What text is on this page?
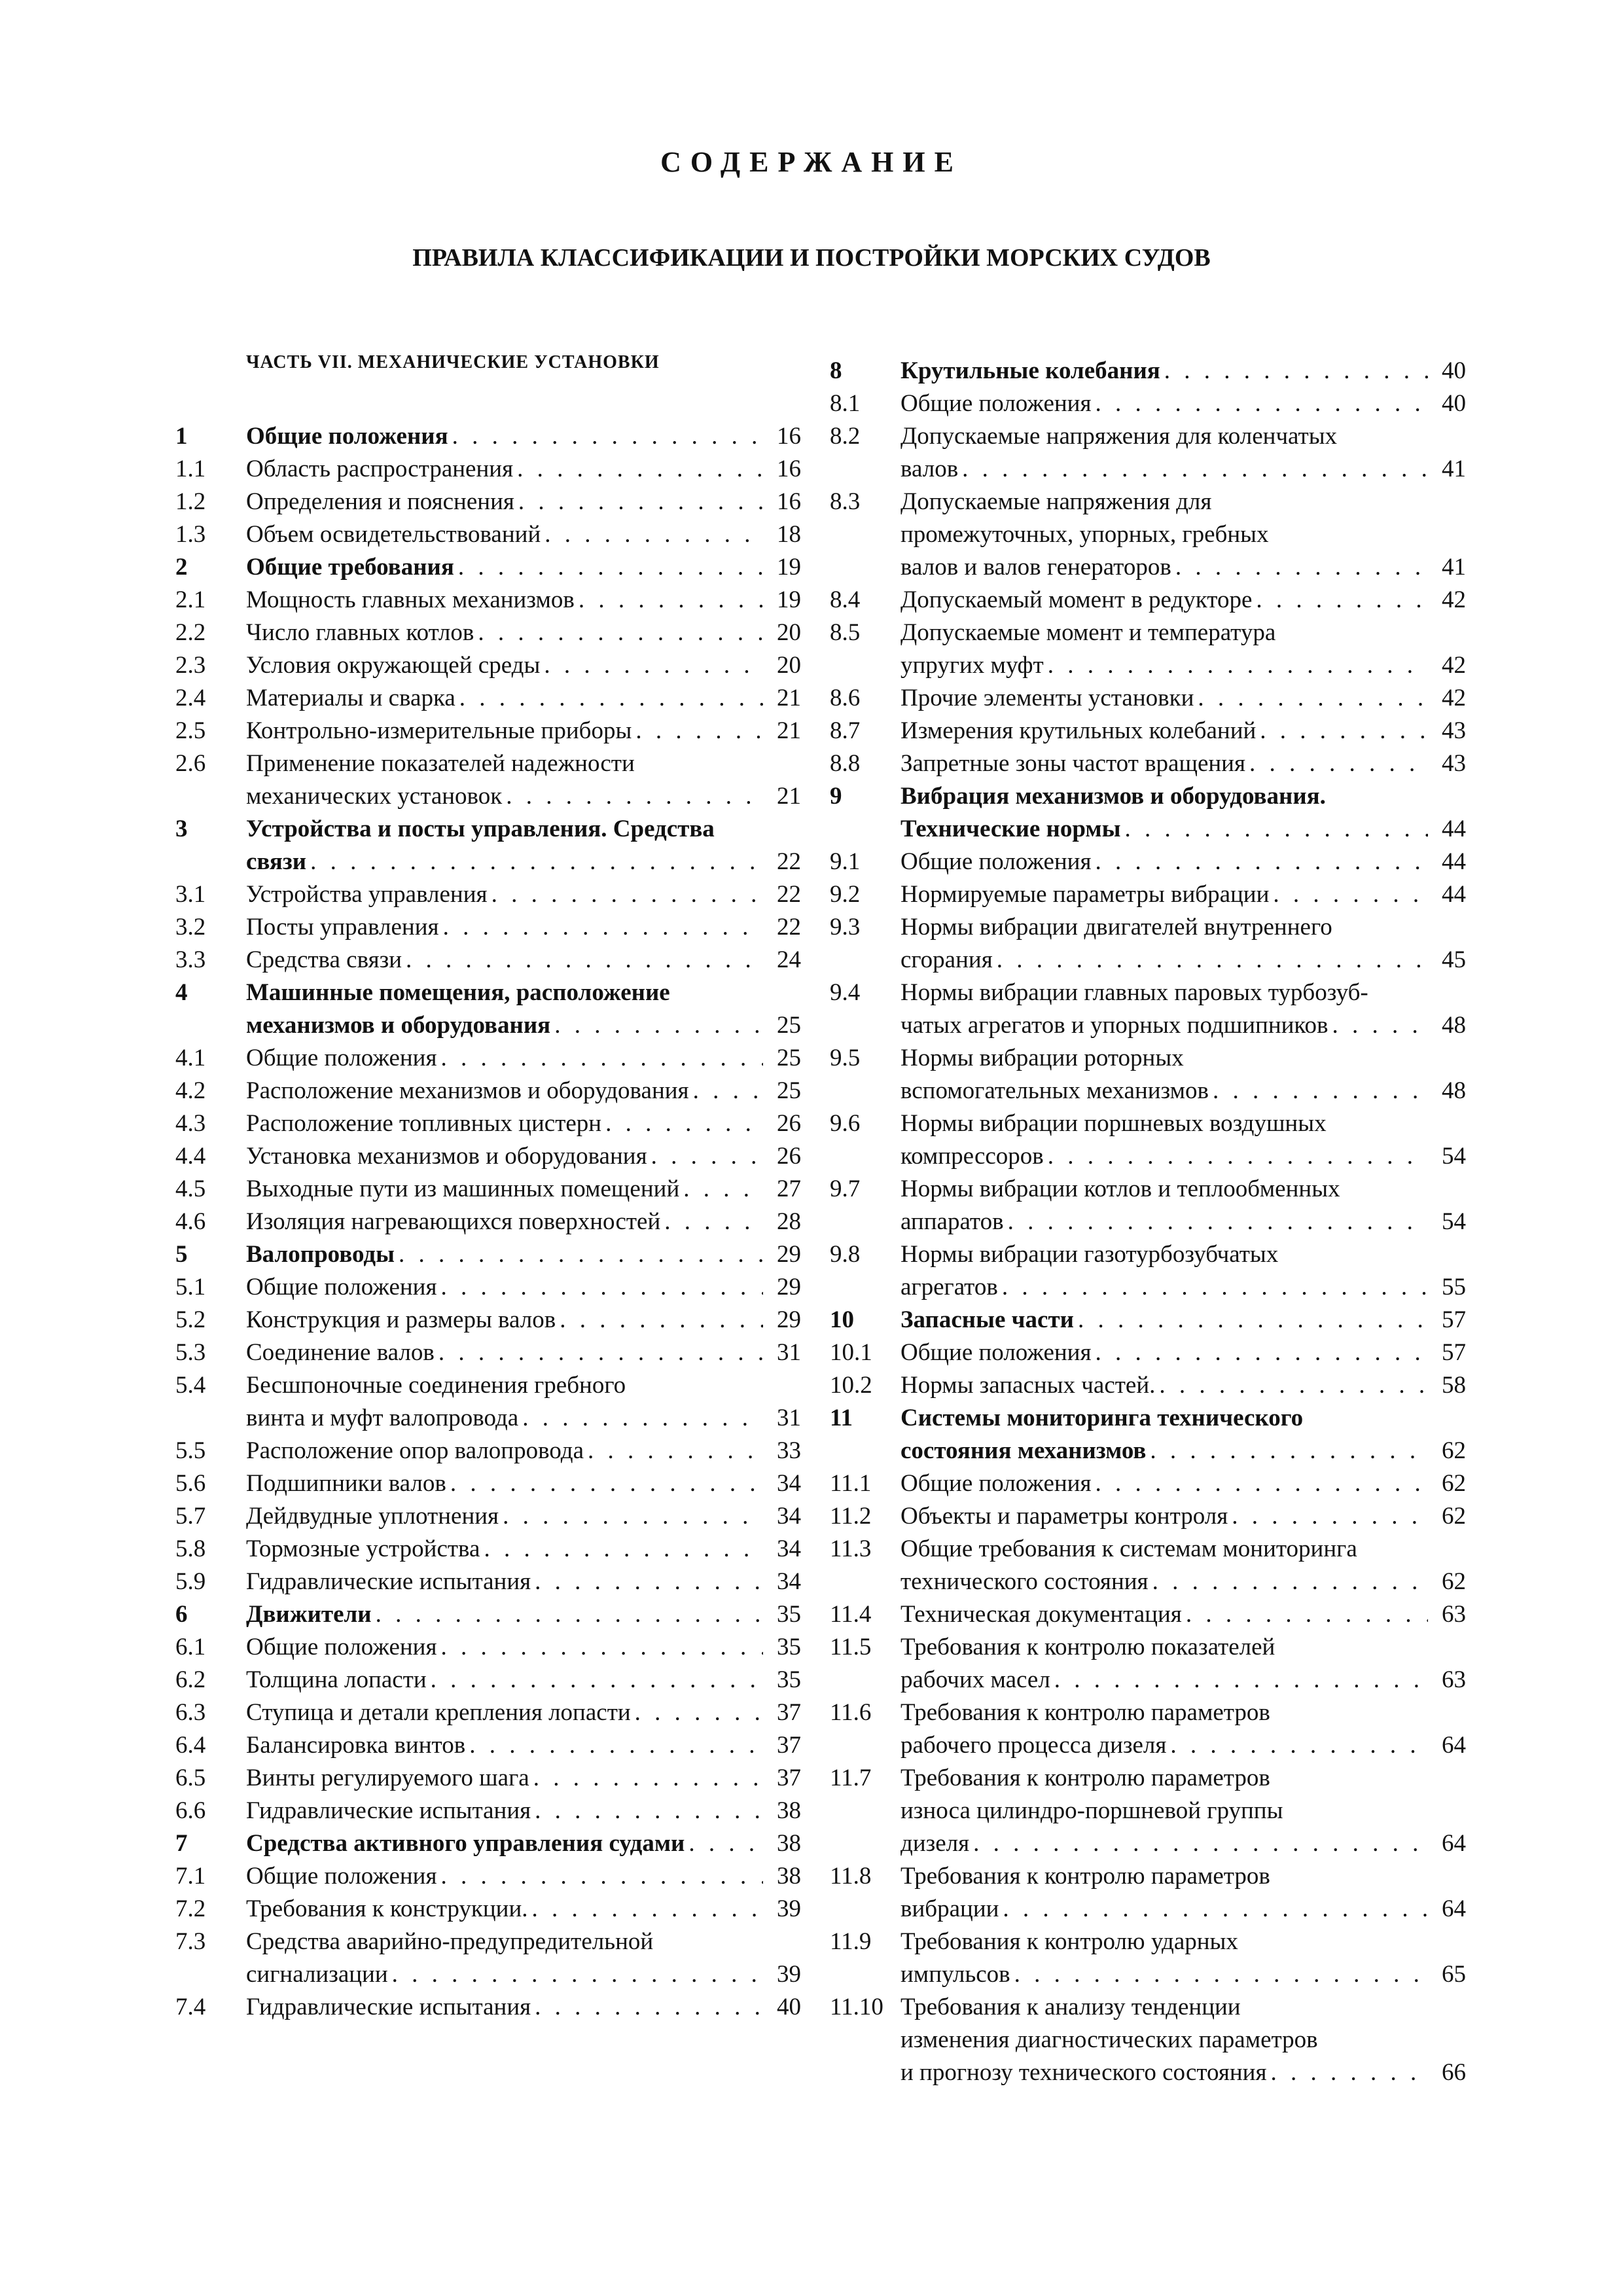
СОДЕРЖАНИЕ
ПРАВИЛА КЛАССИФИКАЦИИ И ПОСТРОЙКИ МОРСКИХ СУДОВ
ЧАСТЬ VII. МЕХАНИЧЕСКИЕ УСТАНОВКИ
1	Общие положения . . .	16
1.1	Область распространения . . .	16
1.2	Определения и пояснения . . .	16
1.3	Объем освидетельствований . . .	18
2	Общие требования . . .	19
2.1	Мощность главных механизмов . . .	19
2.2	Число главных котлов . . .	20
2.3	Условия окружающей среды . . .	20
2.4	Материалы и сварка . . .	21
2.5	Контрольно-измерительные приборы . . .	21
2.6	Применение показателей надежности
механических установок . . .	21
3	Устройства и посты управления. Средства
связи . . .	22
3.1	Устройства управления . . .	22
3.2	Посты управления . . .	22
3.3	Средства связи . . .	24
4	Машинные помещения, расположение
механизмов и оборудования . . .	25
4.1	Общие положения . . .	25
4.2	Расположение механизмов и оборудования . . .	25
4.3	Расположение топливных цистерн . . .	26
4.4	Установка механизмов и оборудования . . .	26
4.5	Выходные пути из машинных помещений . . .	27
4.6	Изоляция нагревающихся поверхностей . . .	28
5	Валопроводы . . .	29
5.1	Общие положения . . .	29
5.2	Конструкция и размеры валов . . .	29
5.3	Соединение валов . . .	31
5.4	Бесшпоночные соединения гребного
винта и муфт валопровода . . .	31
5.5	Расположение опор валопровода . . .	33
5.6	Подшипники валов . . .	34
5.7	Дейдвудные уплотнения . . .	34
5.8	Тормозные устройства . . .	34
5.9	Гидравлические испытания . . .	34
6	Движители . . .	35
6.1	Общие положения . . .	35
6.2	Толщина лопасти . . .	35
6.3	Ступица и детали крепления лопасти . . .	37
6.4	Балансировка винтов . . .	37
6.5	Винты регулируемого шага . . .	37
6.6	Гидравлические испытания . . .	38
7	Средства активного управления судами . . .	38
7.1	Общие положения . . .	38
7.2	Требования к конструкции. . . .	39
7.3	Средства аварийно-предупредительной
сигнализации . . .	39
7.4	Гидравлические испытания . . .	40
8	Крутильные колебания . . .	40
8.1	Общие положения . . .	40
8.2	Допускаемые напряжения для коленчатых
валов . . .	41
8.3	Допускаемые напряжения для
промежуточных, упорных, гребных
валов и валов генераторов . . .	41
8.4	Допускаемый момент в редукторе . . .	42
8.5	Допускаемые момент и температура
упругих муфт . . .	42
8.6	Прочие элементы установки . . .	42
8.7	Измерения крутильных колебаний . . .	43
8.8	Запретные зоны частот вращения . . .	43
9	Вибрация механизмов и оборудования.
Технические нормы . . .	44
9.1	Общие положения . . .	44
9.2	Нормируемые параметры вибрации . . .	44
9.3	Нормы вибрации двигателей внутреннего
сгорания . . .	45
9.4	Нормы вибрации главных паровых турбозуб-
чатых агрегатов и упорных подшипников . . .	48
9.5	Нормы вибрации роторных
вспомогательных механизмов . . .	48
9.6	Нормы вибрации поршневых воздушных
компрессоров . . .	54
9.7	Нормы вибрации котлов и теплообменных
аппаратов . . .	54
9.8	Нормы вибрации газотурбозубчатых
агрегатов . . .	55
10	Запасные части . . .	57
10.1	Общие положения . . .	57
10.2	Нормы запасных частей. . . .	58
11	Системы мониторинга технического
состояния механизмов . . .	62
11.1	Общие положения . . .	62
11.2	Объекты и параметры контроля . . .	62
11.3	Общие требования к системам мониторинга
технического состояния . . .	62
11.4	Техническая документация . . .	63
11.5	Требования к контролю показателей
рабочих масел . . .	63
11.6	Требования к контролю параметров
рабочего процесса дизеля . . .	64
11.7	Требования к контролю параметров
износа цилиндро-поршневой группы
дизеля . . .	64
11.8	Требования к контролю параметров
вибрации . . .	64
11.9	Требования к контролю ударных
импульсов . . .	65
11.10 Требования к анализу тенденции
изменения диагностических параметров
и прогнозу технического состояния . . .	66
